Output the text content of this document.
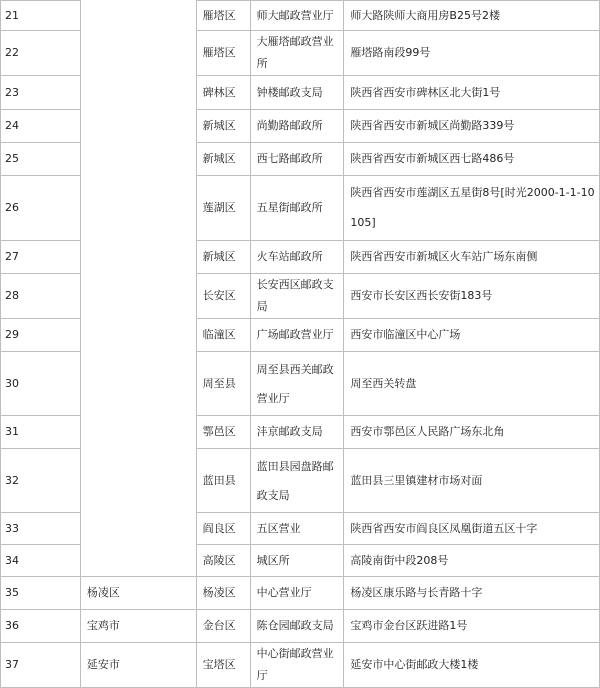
21		雁塔区	师大邮政营业厅	师大路陕师大商用房B25号2楼
22		雁塔区	大雁塔邮政营业所	雁塔路南段99号
23		碑林区	钟楼邮政支局	陕西省西安市碑林区北大街1号
24		新城区	尚勤路邮政所	陕西省西安市新城区尚勤路339号
25		新城区	西七路邮政所	陕西省西安市新城区西七路486号
26		莲湖区	五星街邮政所	陕西省西安市莲湖区五星街8号[时光2000-1-1-10105]
27		新城区	火车站邮政所	陕西省西安市新城区火车站广场东南侧
28		长安区	长安西区邮政支局	西安市长安区西长安街183号
29		临潼区	广场邮政营业厅	西安市临潼区中心广场
30		周至县	周至县西关邮政营业厅	周至西关转盘
31		鄠邑区	沣京邮政支局	西安市鄠邑区人民路广场东北角
32		蓝田县	蓝田县园盘路邮政支局	蓝田县三里镇建材市场对面
33		阎良区	五区营业	陕西省西安市阎良区凤凰街道五区十字
34		高陵区	城区所	高陵南街中段208号
35	杨凌区	杨凌区	中心营业厅	杨凌区康乐路与长青路十字
36	宝鸡市	金台区	陈仓园邮政支局	宝鸡市金台区跃进路1号
37	延安市	宝塔区	中心街邮政营业厅	延安市中心街邮政大楼1楼
